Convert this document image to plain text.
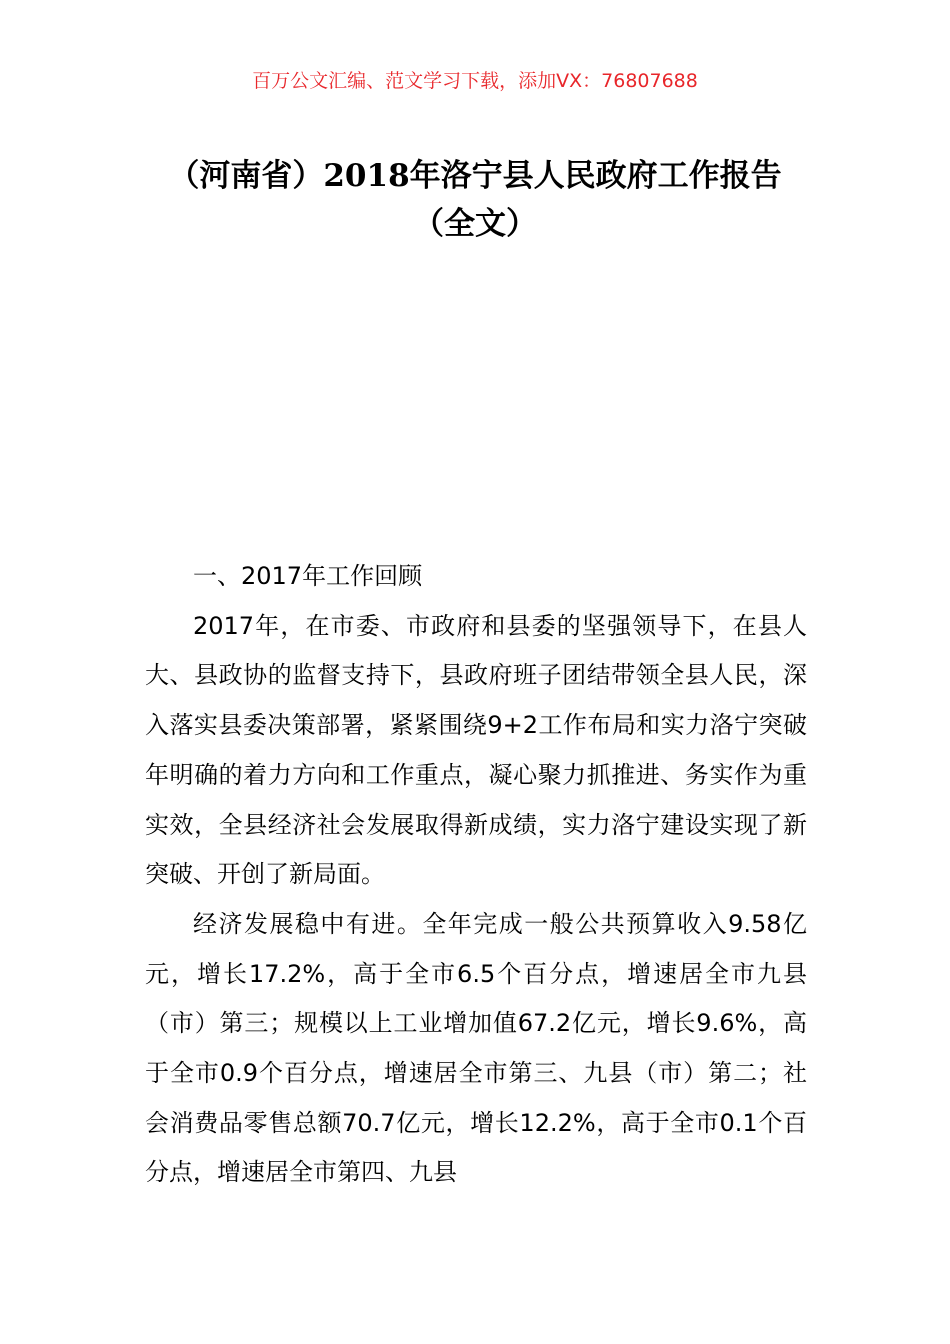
百万公文汇编、范文学习下载，添加VX：76807688
（河南省）2018年洛宁县人民政府工作报告（全文）

一、2017年工作回顾

2017年，在市委、市政府和县委的坚强领导下，在县人大、县政协的监督支持下，县政府班子团结带领全县人民，深入落实县委决策部署，紧紧围绕9+2工作布局和实力洛宁突破年明确的着力方向和工作重点，凝心聚力抓推进、务实作为重实效，全县经济社会发展取得新成绩，实力洛宁建设实现了新突破、开创了新局面。

经济发展稳中有进。全年完成一般公共预算收入9.58亿元，增长17.2%，高于全市6.5个百分点，增速居全市九县（市）第三；规模以上工业增加值67.2亿元，增长9.6%，高于全市0.9个百分点，增速居全市第三、九县（市）第二；社会消费品零售总额70.7亿元，增长12.2%，高于全市0.1个百分点，增速居全市第四、九县
